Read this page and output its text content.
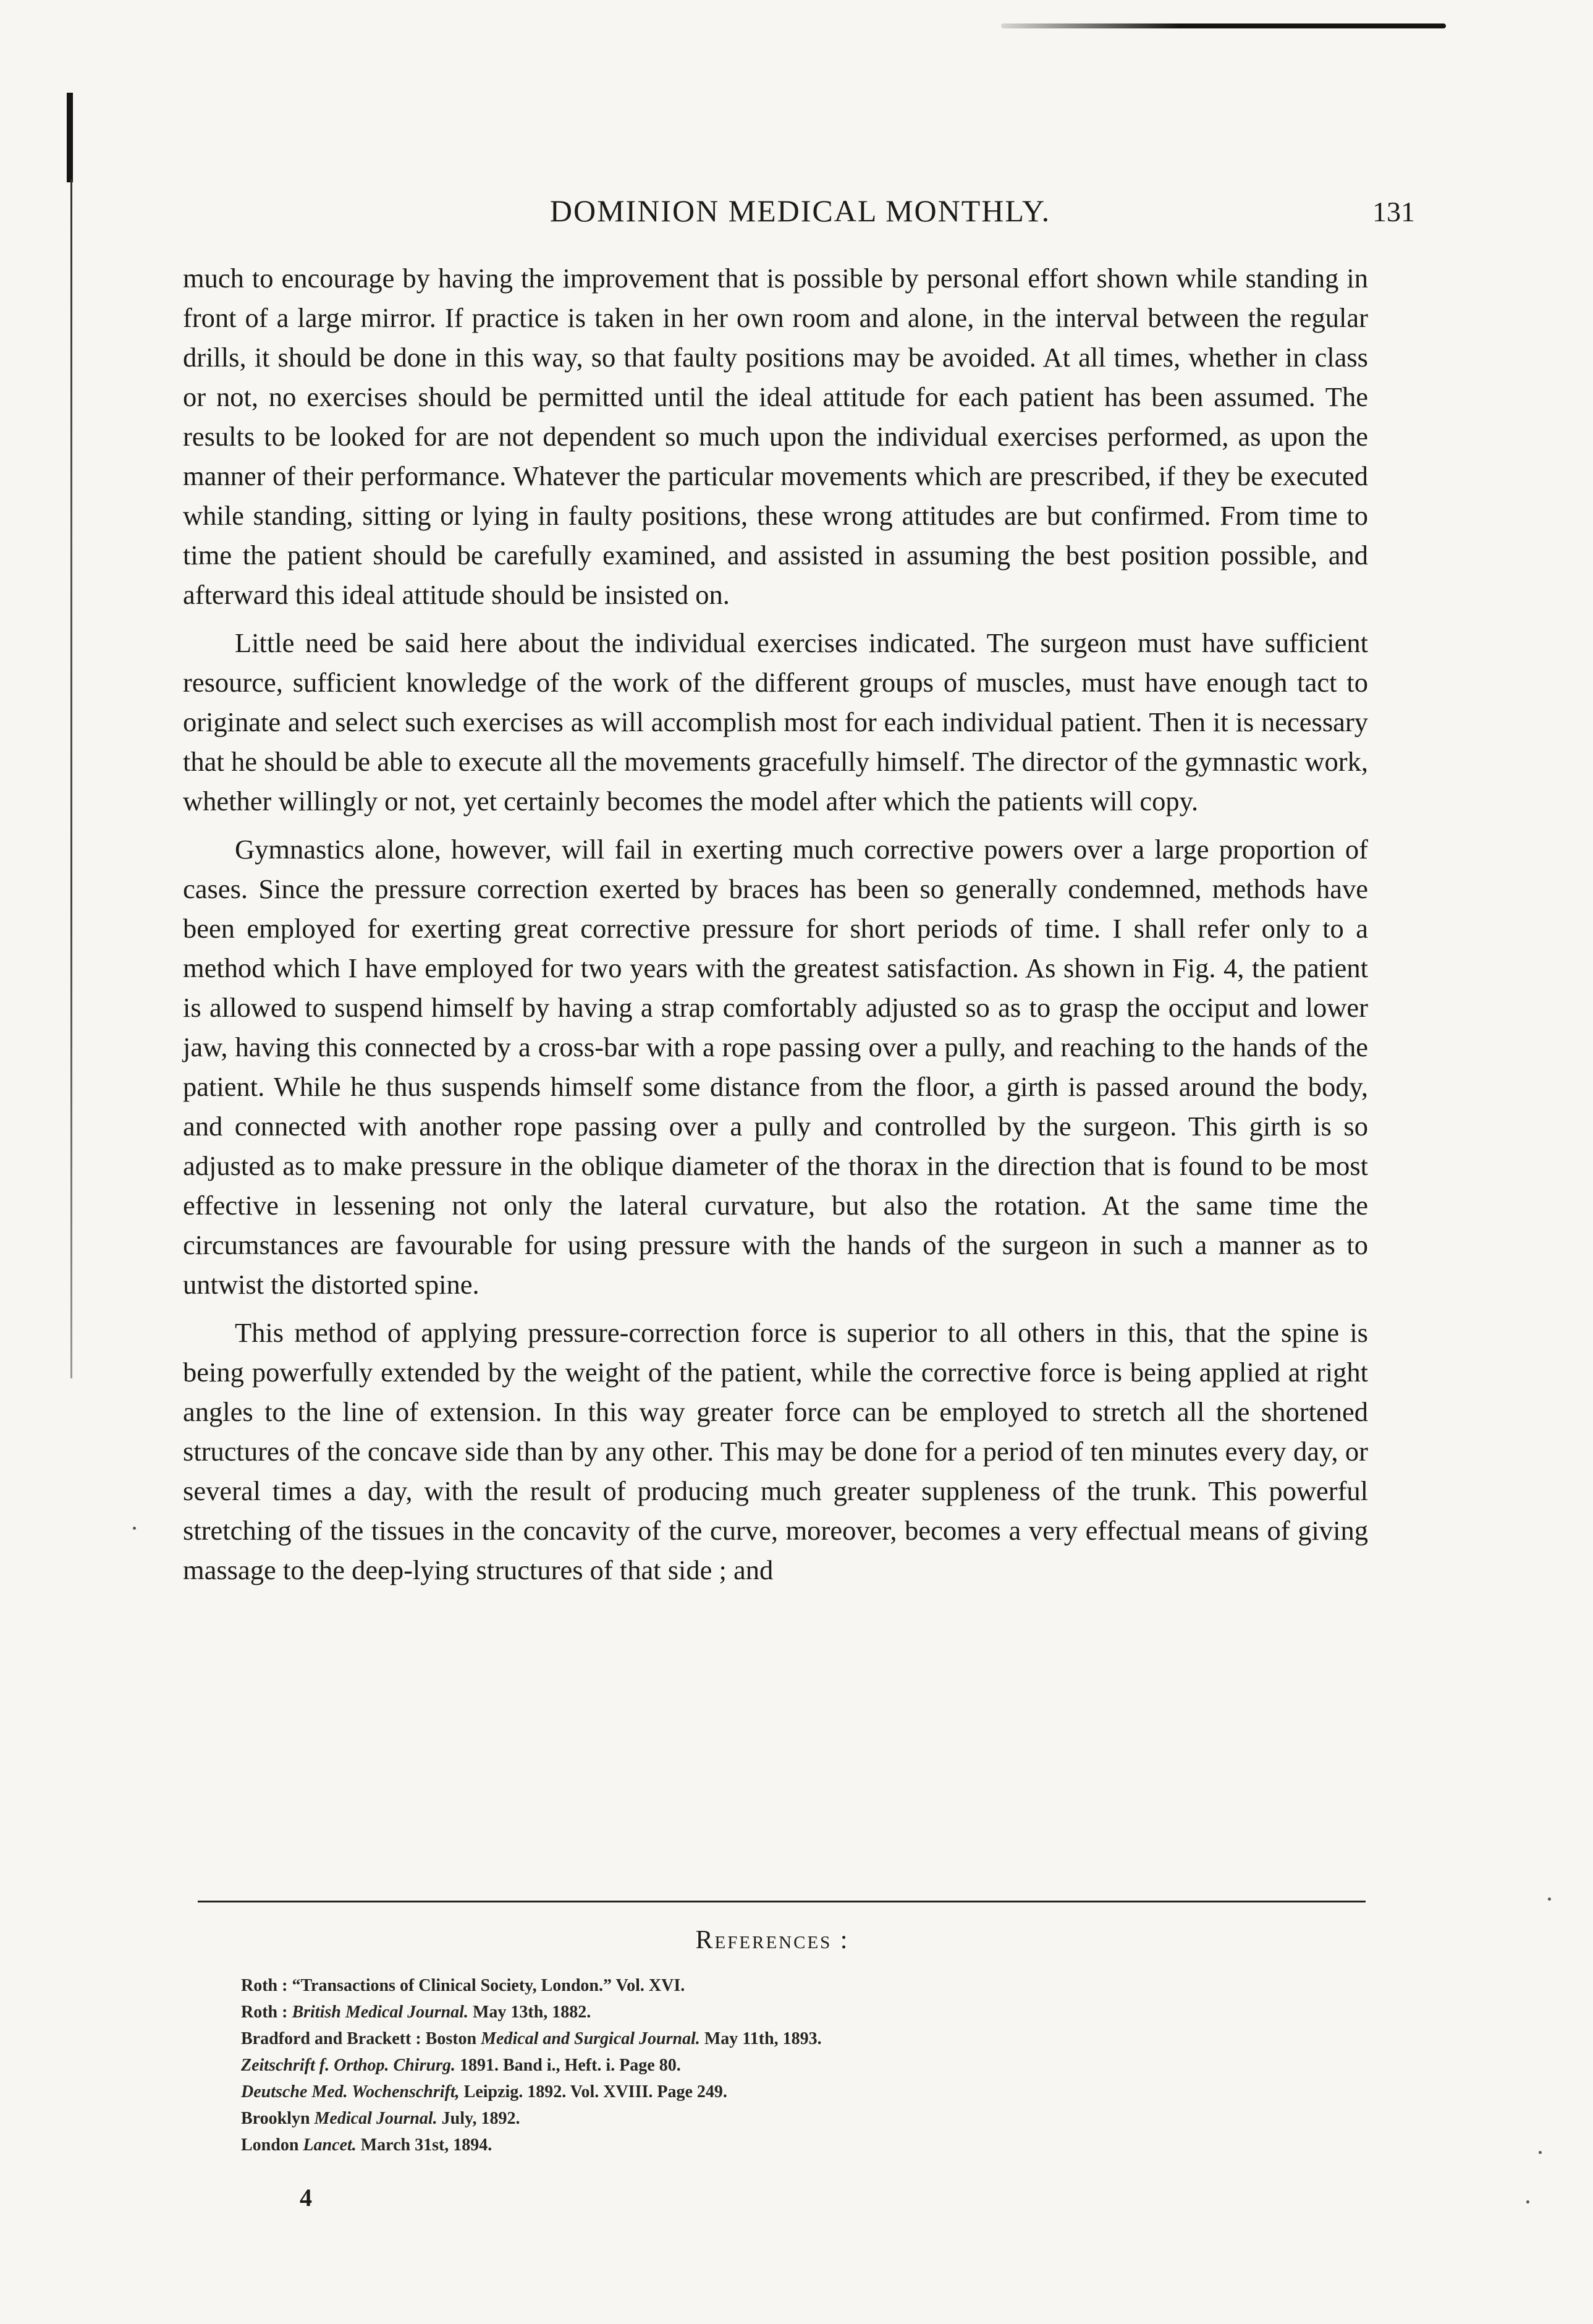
DOMINION MEDICAL MONTHLY.	131

much to encourage by having the improvement that is possible by personal effort shown while standing in front of a large mirror. If practice is taken in her own room and alone, in the interval between the regular drills, it should be done in this way, so that faulty positions may be avoided. At all times, whether in class or not, no exercises should be permitted until the ideal attitude for each patient has been assumed. The results to be looked for are not dependent so much upon the individual exercises performed, as upon the manner of their performance. Whatever the particular movements which are prescribed, if they be executed while standing, sitting or lying in faulty positions, these wrong attitudes are but confirmed. From time to time the patient should be carefully examined, and assisted in assuming the best position possible, and afterward this ideal attitude should be insisted on.

Little need be said here about the individual exercises indicated. The surgeon must have sufficient resource, sufficient knowledge of the work of the different groups of muscles, must have enough tact to originate and select such exercises as will accomplish most for each individual patient. Then it is necessary that he should be able to execute all the movements gracefully himself. The director of the gymnastic work, whether willingly or not, yet certainly becomes the model after which the patients will copy.

Gymnastics alone, however, will fail in exerting much corrective powers over a large proportion of cases. Since the pressure correction exerted by braces has been so generally condemned, methods have been employed for exerting great corrective pressure for short periods of time. I shall refer only to a method which I have employed for two years with the greatest satisfaction. As shown in Fig. 4, the patient is allowed to suspend himself by having a strap comfortably adjusted so as to grasp the occiput and lower jaw, having this connected by a cross-bar with a rope passing over a pully, and reaching to the hands of the patient. While he thus suspends himself some distance from the floor, a girth is passed around the body, and connected with another rope passing over a pully and controlled by the surgeon. This girth is so adjusted as to make pressure in the oblique diameter of the thorax in the direction that is found to be most effective in lessening not only the lateral curvature, but also the rotation. At the same time the circumstances are favourable for using pressure with the hands of the surgeon in such a manner as to untwist the distorted spine.

This method of applying pressure-correction force is superior to all others in this, that the spine is being powerfully extended by the weight of the patient, while the corrective force is being applied at right angles to the line of extension. In this way greater force can be employed to stretch all the shortened structures of the concave side than by any other. This may be done for a period of ten minutes every day, or several times a day, with the result of producing much greater suppleness of the trunk. This powerful stretching of the tissues in the concavity of the curve, moreover, becomes a very effectual means of giving massage to the deep-lying structures of that side ; and

References :
Roth : “Transactions of Clinical Society, London.” Vol. XVI.
Roth : British Medical Journal. May 13th, 1882.
Bradford and Brackett : Boston Medical and Surgical Journal. May 11th, 1893.
Zeitschrift f. Orthop. Chirurg. 1891. Band i., Heft. i. Page 80.
Deutsche Med. Wochenschrift, Leipzig. 1892. Vol. XVIII. Page 249.
Brooklyn Medical Journal. July, 1892.
London Lancet. March 31st, 1894.
4
